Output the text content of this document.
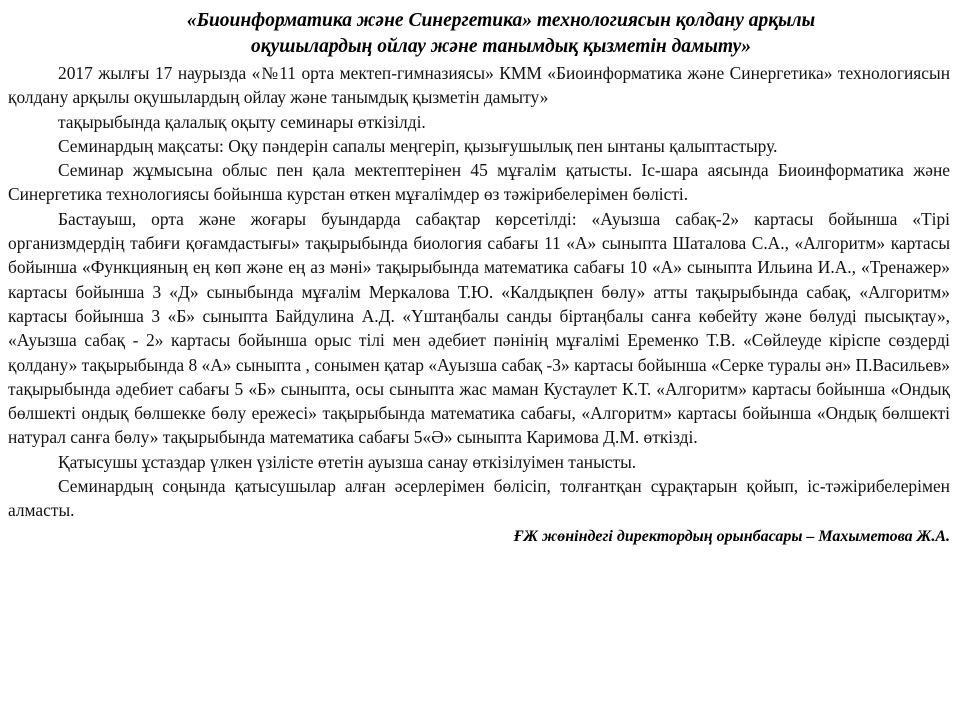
«Биоинформатика және Синергетика» технологиясын қолдану арқылы
оқушылардың ойлау және танымдық қызметін дамыту»

2017 жылғы 17 наурызда «№11 орта мектеп-гимназиясы» КММ «Биоинформатика және Синергетика» технологиясын қолдану арқылы оқушылардың ойлау және танымдық қызметін дамыту»

тақырыбында қалалық оқыту семинары өткізілді.

Семинардың мақсаты: Оқу пәндерін сапалы меңгеріп, қызығушылық пен ынтаны қалыптастыру.

Семинар жұмысына облыс пен қала мектептерінен 45 мұғалім қатысты. Іс-шара аясында Биоинформатика және Синергетика технологиясы бойынша курстан өткен мұғалімдер өз тәжірибелерімен бөлісті.

Бастауыш, орта және жоғары буындарда сабақтар көрсетілді: «Ауызша сабақ-2» картасы бойынша «Тірі организмдердің табиғи қоғамдастығы» тақырыбында биология сабағы 11 «А» сыныпта Шаталова С.А., «Алгоритм» картасы бойынша «Функцияның ең көп және ең аз мәні» тақырыбында математика сабағы 10 «А» сыныпта Ильина И.А., «Тренажер» картасы бойынша 3 «Д» сыныбында мұғалім Меркалова Т.Ю. «Калдықпен бөлу» атты тақырыбында сабақ, «Алгоритм» картасы бойынша 3 «Б» сыныпта Байдулина А.Д. «Үштаңбалы санды біртаңбалы санға көбейту және бөлуді пысықтау», «Ауызша сабақ - 2» картасы бойынша орыс тілі мен әдебиет пәнінің мұғалімі Еременко Т.В. «Сөйлеуде кіріспе сөздерді қолдану» тақырыбында 8 «А» сыныпта , сонымен қатар «Ауызша сабақ -3» картасы бойынша «Серке туралы ән» П.Васильев» тақырыбында әдебиет сабағы 5 «Б» сыныпта, осы сыныпта жас маман Кустаулет К.Т. «Алгоритм» картасы бойынша «Ондық бөлшекті ондық бөлшекке бөлу ережесі» тақырыбында математика сабағы, «Алгоритм» картасы бойынша «Ондық бөлшекті натурал санға бөлу» тақырыбында математика сабағы 5«Ә» сыныпта Каримова Д.М. өткізді.

Қатысушы ұстаздар үлкен үзілісте өтетін ауызша санау өткізілуімен танысты.

Семинардың соңында қатысушылар алған әсерлерімен бөлісіп, толғантқан сұрақтарын қойып, іс-тәжірибелерімен алмасты.

ҒЖ жөніндегі директордың орынбасары – Махыметова Ж.А.
